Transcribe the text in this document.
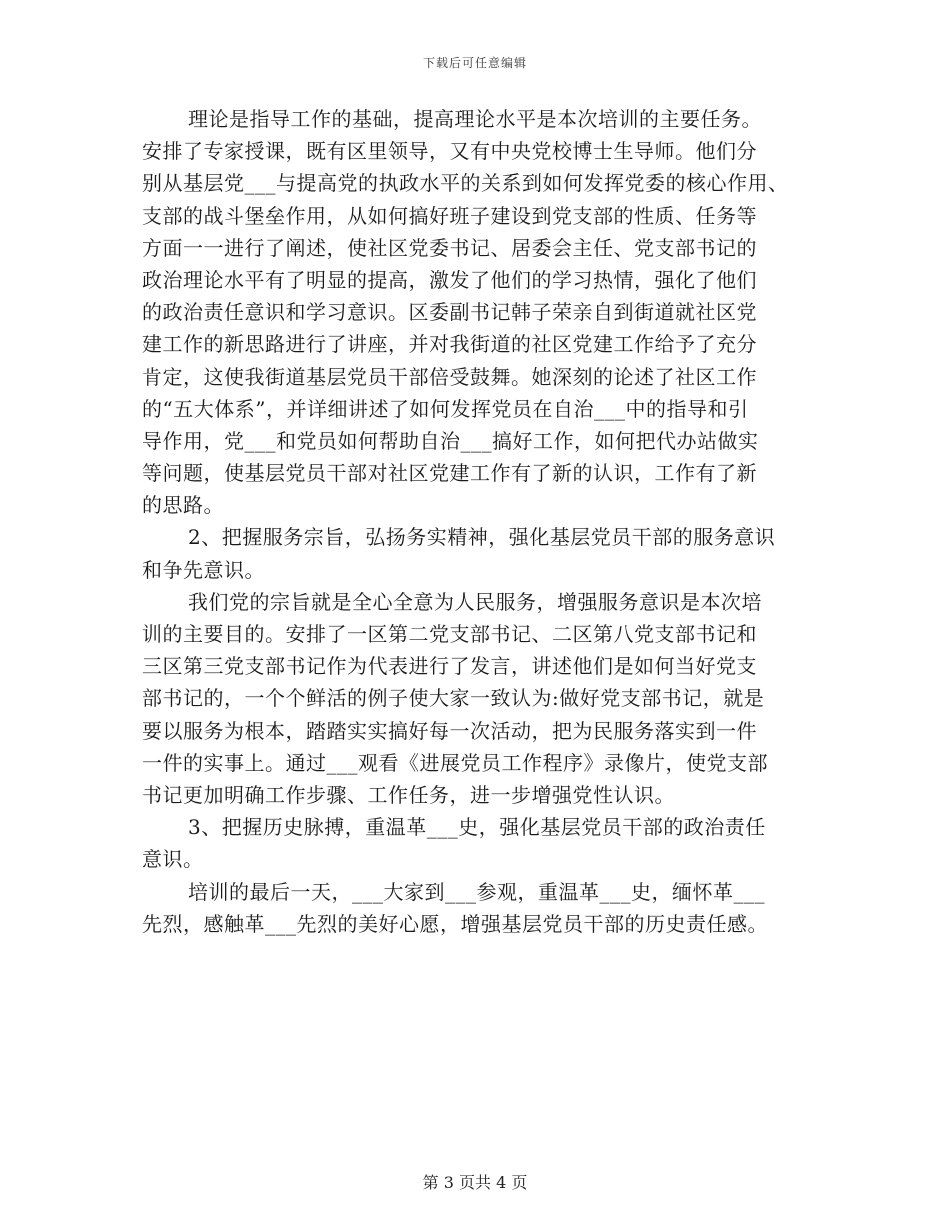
下载后可任意编辑
理论是指导工作的基础，提高理论水平是本次培训的主要任务。
安排了专家授课，既有区里领导，又有中央党校博士生导师。他们分
别从基层党___与提高党的执政水平的关系到如何发挥党委的核心作用、
支部的战斗堡垒作用，从如何搞好班子建设到党支部的性质、任务等
方面一一进行了阐述，使社区党委书记、居委会主任、党支部书记的
政治理论水平有了明显的提高，激发了他们的学习热情，强化了他们
的政治责任意识和学习意识。区委副书记韩子荣亲自到街道就社区党
建工作的新思路进行了讲座，并对我街道的社区党建工作给予了充分
肯定，这使我街道基层党员干部倍受鼓舞。她深刻的论述了社区工作
的“五大体系”，并详细讲述了如何发挥党员在自治___中的指导和引
导作用，党___和党员如何帮助自治___搞好工作，如何把代办站做实
等问题，使基层党员干部对社区党建工作有了新的认识，工作有了新
的思路。
2、把握服务宗旨，弘扬务实精神，强化基层党员干部的服务意识
和争先意识。
我们党的宗旨就是全心全意为人民服务，增强服务意识是本次培
训的主要目的。安排了一区第二党支部书记、二区第八党支部书记和
三区第三党支部书记作为代表进行了发言，讲述他们是如何当好党支
部书记的，一个个鲜活的例子使大家一致认为:做好党支部书记，就是
要以服务为根本，踏踏实实搞好每一次活动，把为民服务落实到一件
一件的实事上。通过___观看《进展党员工作程序》录像片，使党支部
书记更加明确工作步骤、工作任务，进一步增强党性认识。
3、把握历史脉搏，重温革___史，强化基层党员干部的政治责任
意识。
培训的最后一天，___大家到___参观，重温革___史，缅怀革___
先烈，感触革___先烈的美好心愿，增强基层党员干部的历史责任感。
第 3 页共 4 页
